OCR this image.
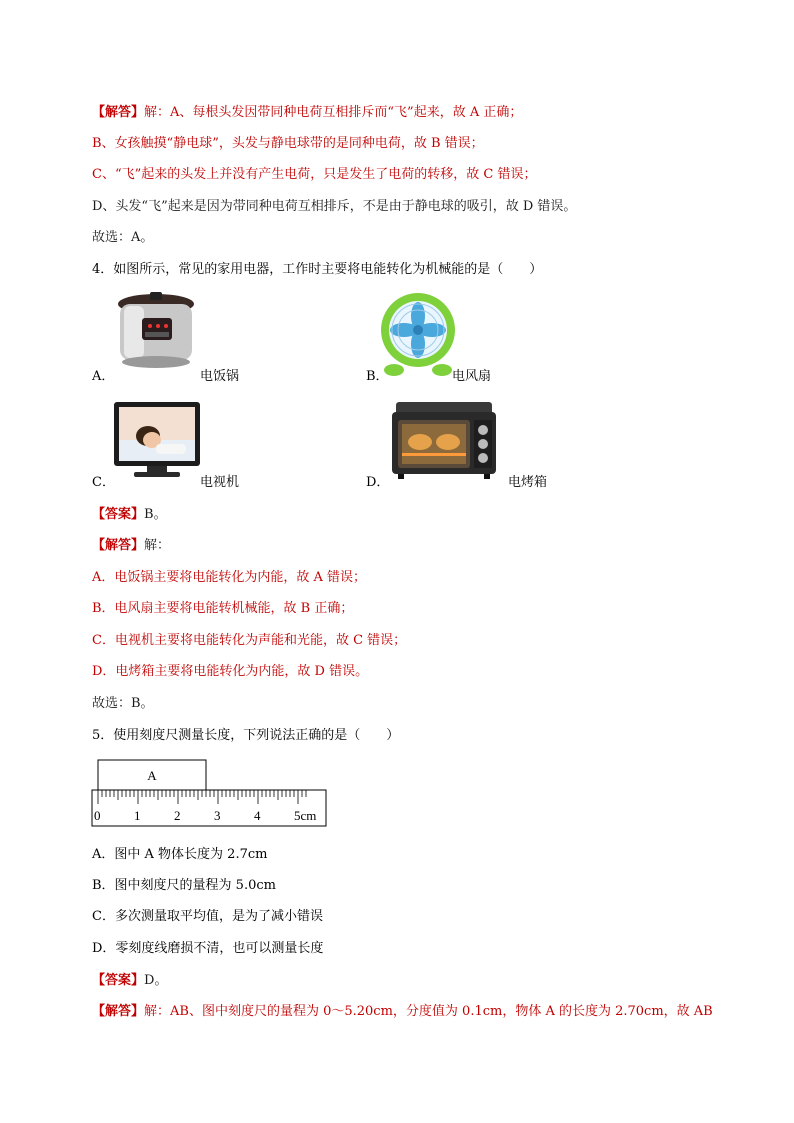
【解答】解：A、每根头发因带同种电荷互相排斥而“飞”起来，故 A 正确；
B、女孩触摸“静电球”，头发与静电球带的是同种电荷，故 B 错误；
C、“飞”起来的头发上并没有产生电荷，只是发生了电荷的转移，故 C 错误；
D、头发“飞”起来是因为带同种电荷互相排斥，不是由于静电球的吸引，故 D 错误。
故选：A。
4．如图所示，常见的家用电器，工作时主要将电能转化为机械能的是（　　）
A．	电饭锅	B．	电风扇
C．	电视机	D．	电烤箱
【答案】B。
【解答】解：
A．电饭锅主要将电能转化为内能，故 A 错误；
B．电风扇主要将电能转机械能，故 B 正确；
C．电视机主要将电能转化为声能和光能，故 C 错误；
D．电烤箱主要将电能转化为内能，故 D 错误。
故选：B。
5．使用刻度尺测量长度，下列说法正确的是（　　）
A
0	1	2	3	4	5cm
A．图中 A 物体长度为 2.7cm
B．图中刻度尺的量程为 5.0cm
C．多次测量取平均值，是为了减小错误
D．零刻度线磨损不清，也可以测量长度
【答案】D。
【解答】解：AB、图中刻度尺的量程为 0～5.20cm，分度值为 0.1cm，物体 A 的长度为 2.70cm，故 AB
